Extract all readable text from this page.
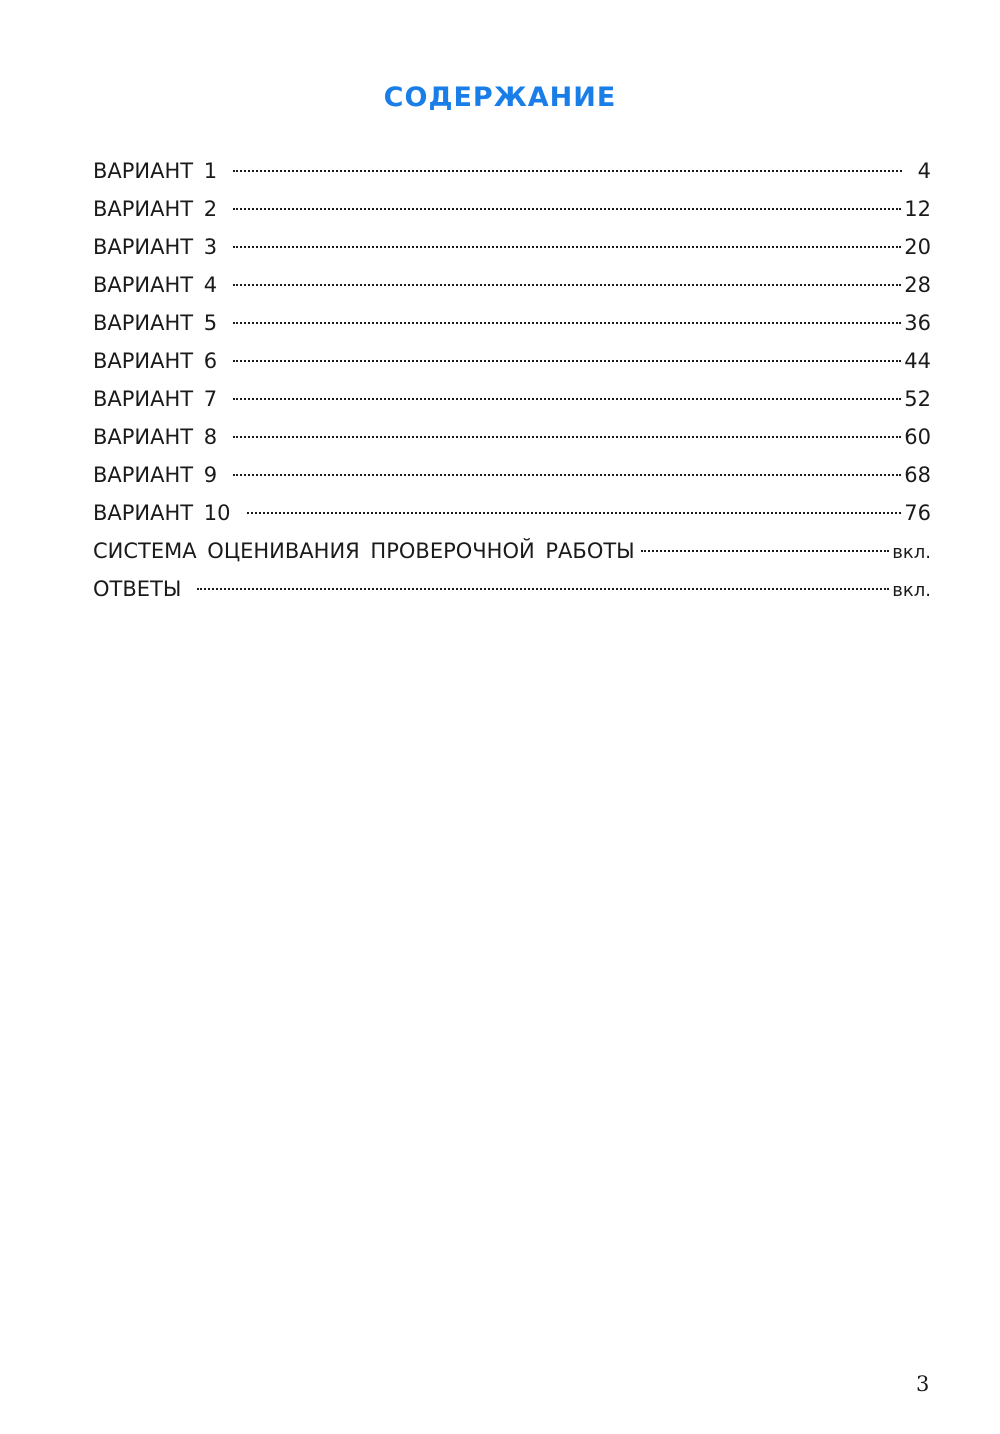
СОДЕРЖАНИЕ
ВАРИАНТ 1	4
ВАРИАНТ 2	12
ВАРИАНТ 3	20
ВАРИАНТ 4	28
ВАРИАНТ 5	36
ВАРИАНТ 6	44
ВАРИАНТ 7	52
ВАРИАНТ 8	60
ВАРИАНТ 9	68
ВАРИАНТ 10	76
СИСТЕМА ОЦЕНИВАНИЯ ПРОВЕРОЧНОЙ РАБОТЫ	вкл.
ОТВЕТЫ	вкл.
3
